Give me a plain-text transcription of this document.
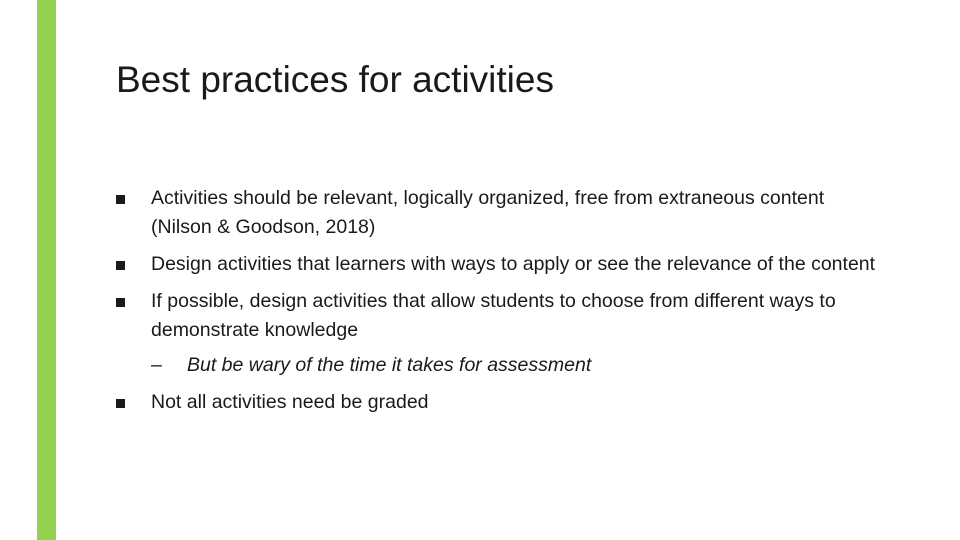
Best practices for activities
Activities should be relevant, logically organized, free from extraneous content (Nilson & Goodson, 2018)
Design activities that learners with ways to apply or see the relevance of the content
If possible, design activities that allow students to choose from different ways to demonstrate knowledge
– But be wary of the time it takes for assessment
Not all activities need be graded
